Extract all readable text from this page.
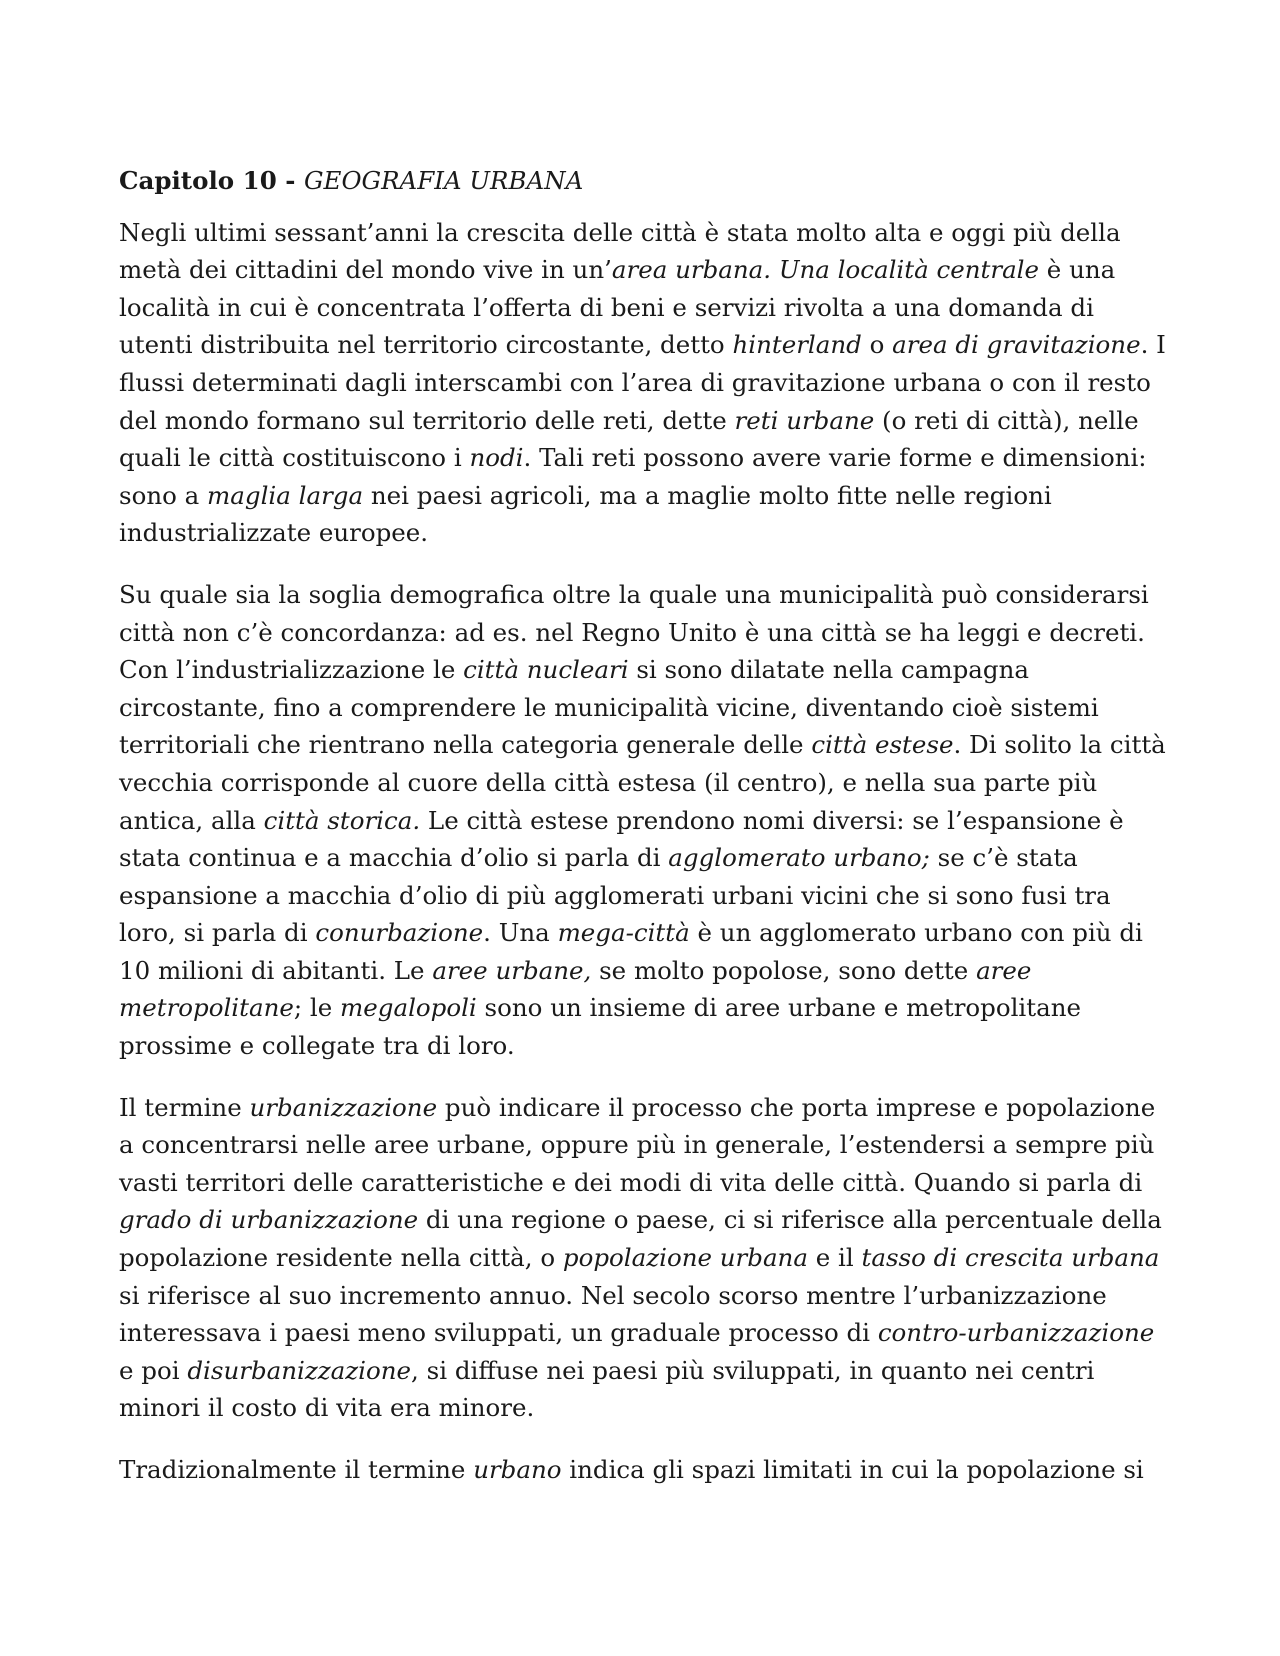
Capitolo 10 - GEOGRAFIA URBANA

Negli ultimi sessant’anni la crescita delle città è stata molto alta e oggi più della metà dei cittadini del mondo vive in un’area urbana. Una località centrale è una località in cui è concentrata l’offerta di beni e servizi rivolta a una domanda di utenti distribuita nel territorio circostante, detto hinterland o area di gravitazione. I flussi determinati dagli interscambi con l’area di gravitazione urbana o con il resto del mondo formano sul territorio delle reti, dette reti urbane (o reti di città), nelle quali le città costituiscono i nodi. Tali reti possono avere varie forme e dimensioni: sono a maglia larga nei paesi agricoli, ma a maglie molto fitte nelle regioni industrializzate europee.

Su quale sia la soglia demografica oltre la quale una municipalità può considerarsi città non c’è concordanza: ad es. nel Regno Unito è una città se ha leggi e decreti. Con l’industrializzazione le città nucleari si sono dilatate nella campagna circostante, fino a comprendere le municipalità vicine, diventando cioè sistemi territoriali che rientrano nella categoria generale delle città estese. Di solito la città vecchia corrisponde al cuore della città estesa (il centro), e nella sua parte più antica, alla città storica. Le città estese prendono nomi diversi: se l’espansione è stata continua e a macchia d’olio si parla di agglomerato urbano; se c’è stata espansione a macchia d’olio di più agglomerati urbani vicini che si sono fusi tra loro, si parla di conurbazione. Una mega-città è un agglomerato urbano con più di 10 milioni di abitanti. Le aree urbane, se molto popolose, sono dette aree metropolitane; le megalopoli sono un insieme di aree urbane e metropolitane prossime e collegate tra di loro.

Il termine urbanizzazione può indicare il processo che porta imprese e popolazione a concentrarsi nelle aree urbane, oppure più in generale, l’estendersi a sempre più vasti territori delle caratteristiche e dei modi di vita delle città. Quando si parla di grado di urbanizzazione di una regione o paese, ci si riferisce alla percentuale della popolazione residente nella città, o popolazione urbana e il tasso di crescita urbana si riferisce al suo incremento annuo. Nel secolo scorso mentre l’urbanizzazione interessava i paesi meno sviluppati, un graduale processo di contro-urbanizzazione e poi disurbanizzazione, si diffuse nei paesi più sviluppati, in quanto nei centri minori il costo di vita era minore.

Tradizionalmente il termine urbano indica gli spazi limitati in cui la popolazione si
